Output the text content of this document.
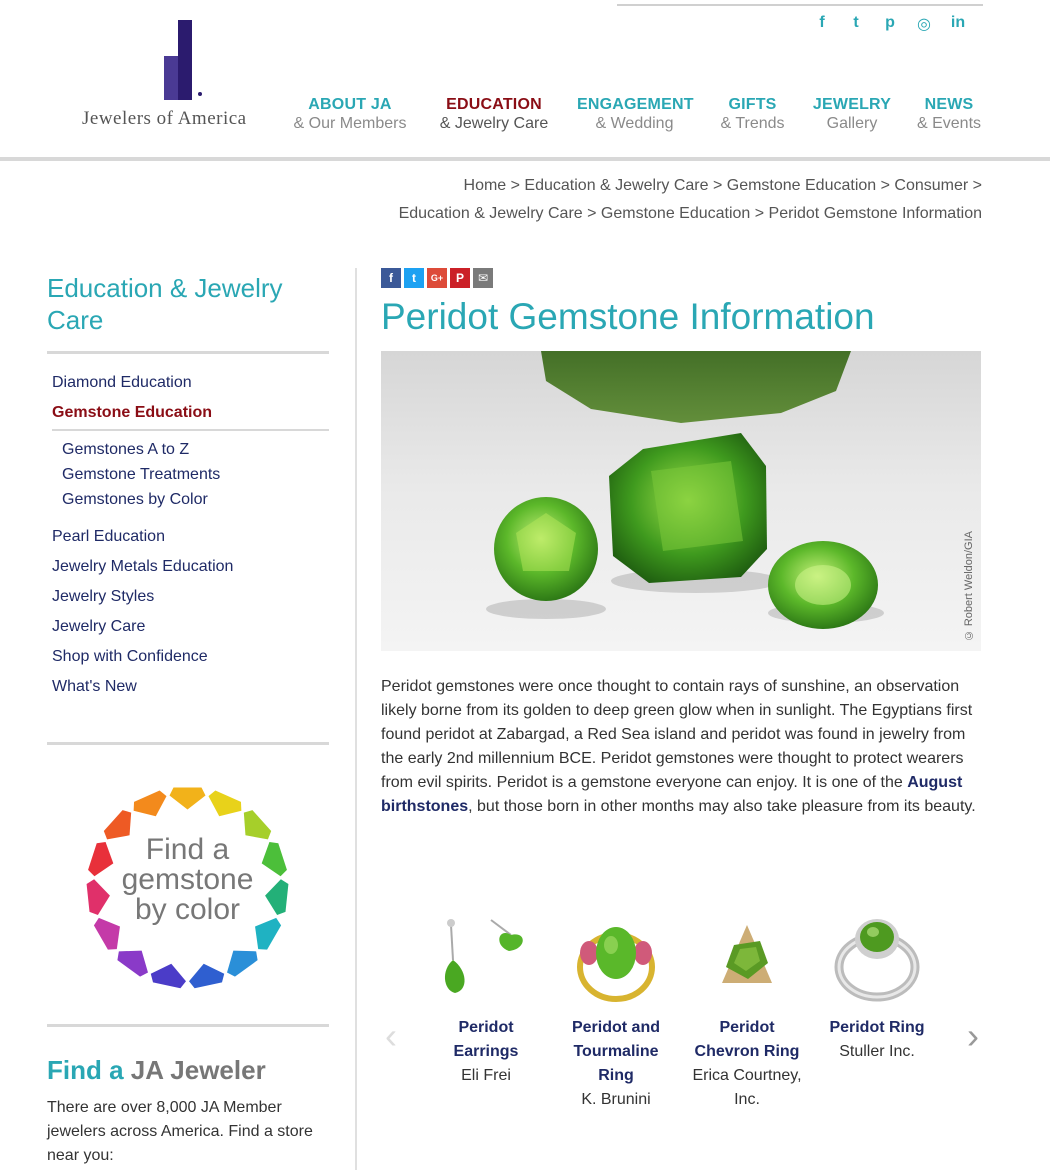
f	t	p	◎ in
Jewelers of America
ABOUT JA
& Our Members
EDUCATION
& Jewelry Care
ENGAGEMENT
& Wedding
GIFTS
& Trends
JEWELRY
Gallery
NEWS
& Events
Home > Education & Jewelry Care > Gemstone Education > Consumer >
Education & Jewelry Care > Gemstone Education > Peridot Gemstone Information
Education & Jewelry Care
Diamond Education
Gemstone Education
Gemstones A to Z
Gemstone Treatments
Gemstones by Color
Pearl Education
Jewelry Metals Education
Jewelry Styles
Jewelry Care
Shop with Confidence
What's New
Find a
gemstone
by color
Find a JA Jeweler

There are over 8,000 JA Member jewelers across America. Find a store near you:

f	t	G+	P	✉
Peridot Gemstone Information
© Robert Weldon/GIA

Peridot gemstones were once thought to contain rays of sunshine, an observation likely borne from its golden to deep green glow when in sunlight. The Egyptians first found peridot at Zabargad, a Red Sea island and peridot was found in jewelry from the early 2nd millennium BCE. Peridot gemstones were thought to protect wearers from evil spirits. Peridot is a gemstone everyone can enjoy. It is one of the August birthstones, but those born in other months may also take pleasure from its beauty.

‹	Peridot Earrings
Eli Frei
Peridot and Tourmaline Ring
K. Brunini
Peridot Chevron Ring
Erica Courtney, Inc.
Peridot Ring
Stuller Inc.	›
